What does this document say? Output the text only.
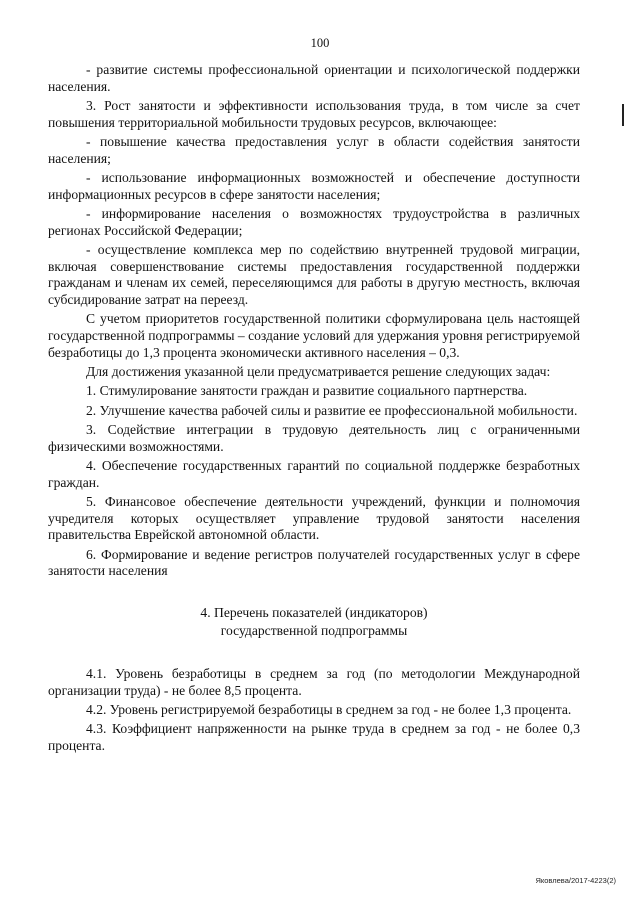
100

- развитие системы профессиональной ориентации и психологической поддержки населения.

3. Рост занятости и эффективности использования труда, в том числе за счет повышения территориальной мобильности трудовых ресурсов, включающее:

- повышение качества предоставления услуг в области содействия занятости населения;

- использование информационных возможностей и обеспечение доступности информационных ресурсов в сфере занятости населения;

- информирование населения о возможностях трудоустройства в различных регионах Российской Федерации;

- осуществление комплекса мер по содействию внутренней трудовой миграции, включая совершенствование системы предоставления государственной поддержки гражданам и членам их семей, переселяющимся для работы в другую местность, включая субсидирование затрат на переезд.

С учетом приоритетов государственной политики сформулирована цель настоящей государственной подпрограммы – создание условий для удержания уровня регистрируемой безработицы до 1,3 процента экономически активного населения – 0,3.

Для достижения указанной цели предусматривается решение следующих задач:

1. Стимулирование занятости граждан и развитие социального партнерства.

2. Улучшение качества рабочей силы и развитие ее профессиональной мобильности.

3. Содействие интеграции в трудовую деятельность лиц с ограниченными физическими возможностями.

4. Обеспечение государственных гарантий по социальной поддержке безработных граждан.

5. Финансовое обеспечение деятельности учреждений, функции и полномочия учредителя которых осуществляет управление трудовой занятости населения правительства Еврейской автономной области.

6. Формирование и ведение регистров получателей государственных услуг в сфере занятости населения

4. Перечень показателей (индикаторов)
государственной подпрограммы

4.1. Уровень безработицы в среднем за год (по методологии Международной организации труда) - не более 8,5 процента.

4.2. Уровень регистрируемой безработицы в среднем за год - не более 1,3 процента.

4.3. Коэффициент напряженности на рынке труда в среднем за год - не более 0,3 процента.

Яковлева/2017-4223(2)
